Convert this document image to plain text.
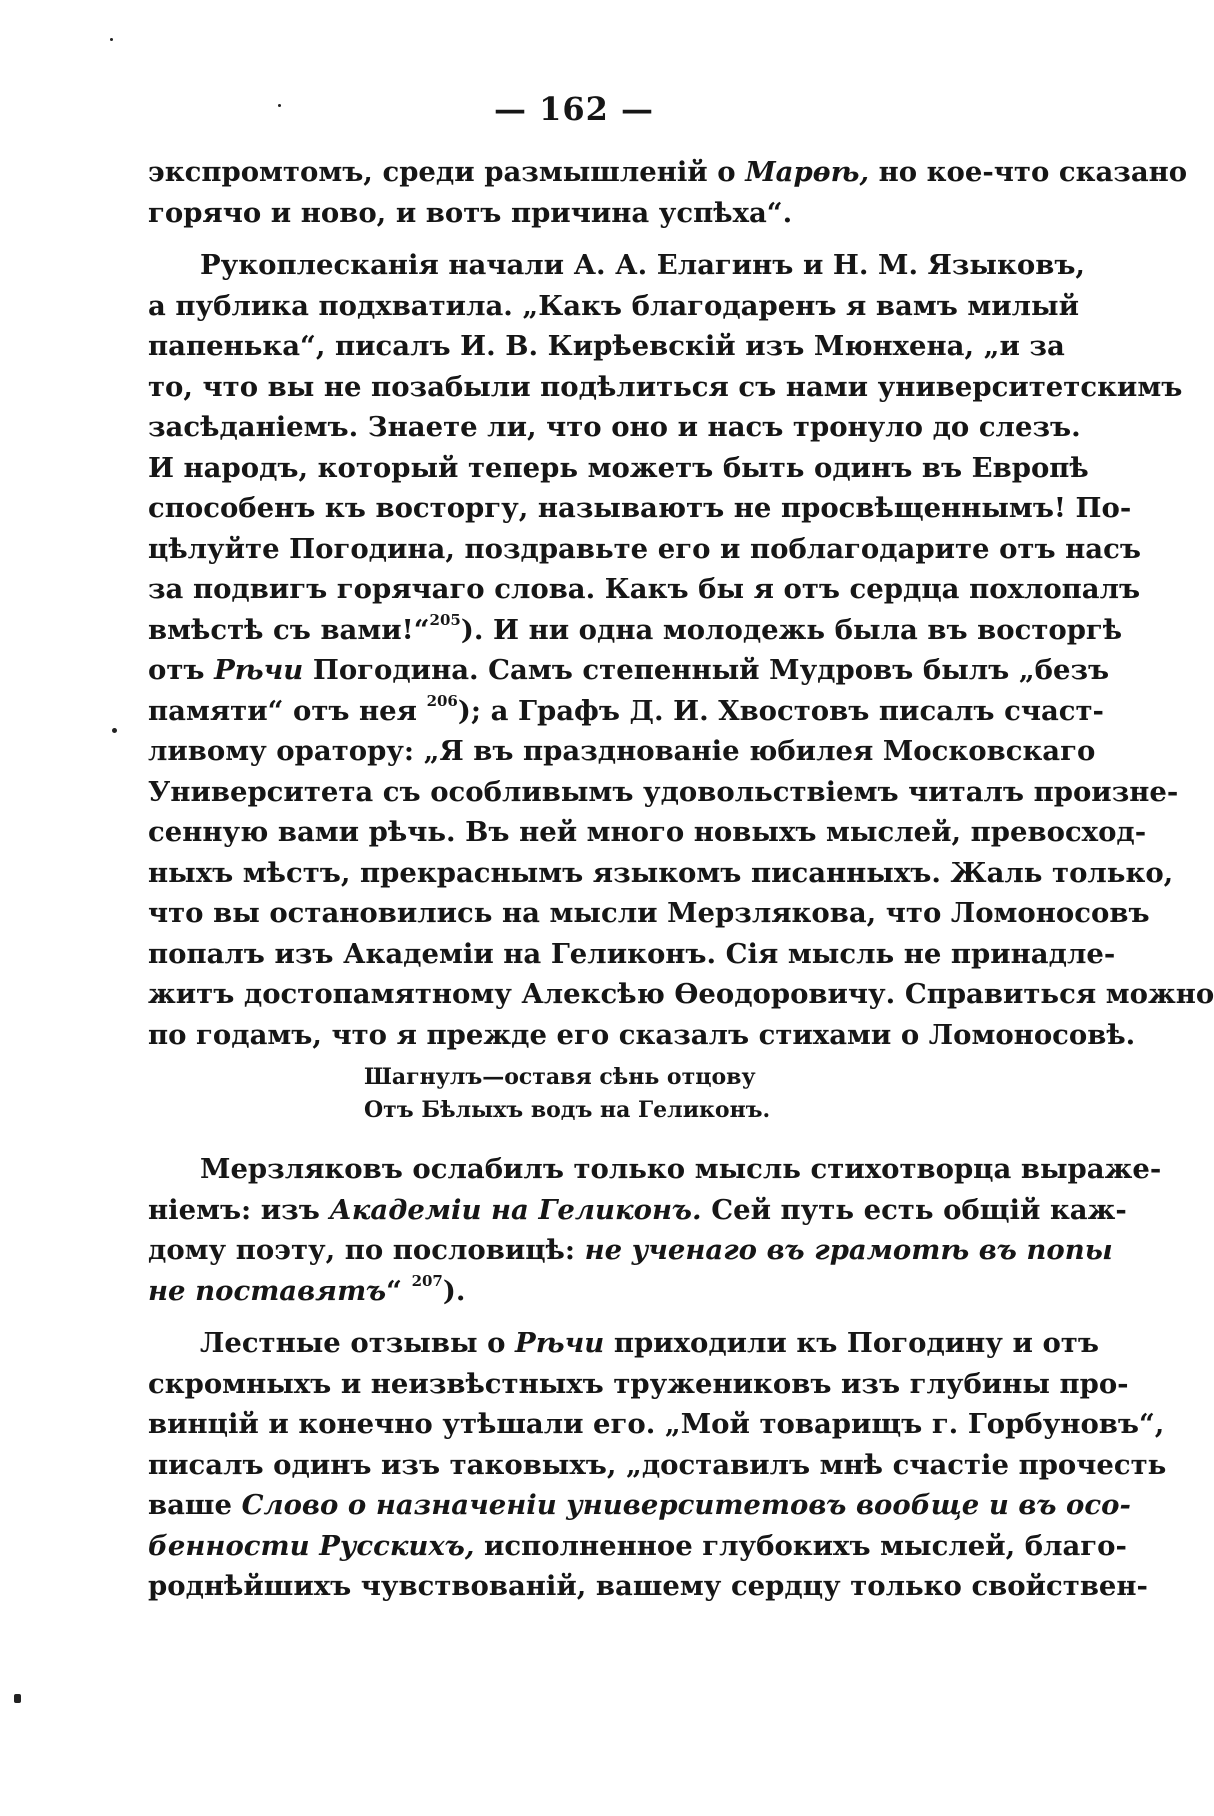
— 162 —
экспромтомъ, среди размышленій о Марѳѣ, но кое-что сказано
горячо и ново, и вотъ причина успѣха“.
Рукоплесканія начали А. А. Елагинъ и Н. М. Языковъ,
а публика подхватила. „Какъ благодаренъ я вамъ милый
папенька“, писалъ И. В. Кирѣевскій изъ Мюнхена, „и за
то, что вы не позабыли подѣлиться съ нами университетскимъ
засѣданіемъ. Знаете ли, что оно и насъ тронуло до слезъ.
И народъ, который теперь можетъ быть одинъ въ Европѣ
способенъ къ восторгу, называютъ не просвѣщеннымъ! По-
цѣлуйте Погодина, поздравьте его и поблагодарите отъ насъ
за подвигъ горячаго слова. Какъ бы я отъ сердца похлопалъ
вмѣстѣ съ вами!“$^{205}$). И ни одна молодежь была въ восторгѣ
отъ Рѣчи Погодина. Самъ степенный Мудровъ былъ „безъ
памяти“ отъ нея $^{206}$); а Графъ Д. И. Хвостовъ писалъ счаст-
ливому оратору: „Я въ празднованіе юбилея Московскаго
Университета съ особливымъ удовольствіемъ читалъ произне-
сенную вами рѣчь. Въ ней много новыхъ мыслей, превосход-
ныхъ мѣстъ, прекраснымъ языкомъ писанныхъ. Жаль только,
что вы остановились на мысли Мерзлякова, что Ломоносовъ
попалъ изъ Академіи на Геликонъ. Сія мысль не принадле-
житъ достопамятному Алексѣю Ѳеодоровичу. Справиться можно
по годамъ, что я прежде его сказалъ стихами о Ломоносовѣ.
Шагнулъ—оставя сѣнь отцову
Отъ Бѣлыхъ водъ на Геликонъ.
Мерзляковъ ослабилъ только мысль стихотворца выраже-
ніемъ: изъ Академіи на Геликонъ. Сей путь есть общій каж-
дому поэту, по пословицѣ: не ученаго въ грамотѣ въ попы
не поставятъ“ $^{207}$).
Лестные отзывы о Рѣчи приходили къ Погодину и отъ
скромныхъ и неизвѣстныхъ тружениковъ изъ глубины про-
винцій и конечно утѣшали его. „Мой товарищъ г. Горбуновъ“,
писалъ одинъ изъ таковыхъ, „доставилъ мнѣ счастіе прочесть
ваше Слово о назначеніи университетовъ вообще и въ осо-
бенности Русскихъ, исполненное глубокихъ мыслей, благо-
роднѣйшихъ чувствованій, вашему сердцу только свойствен-
